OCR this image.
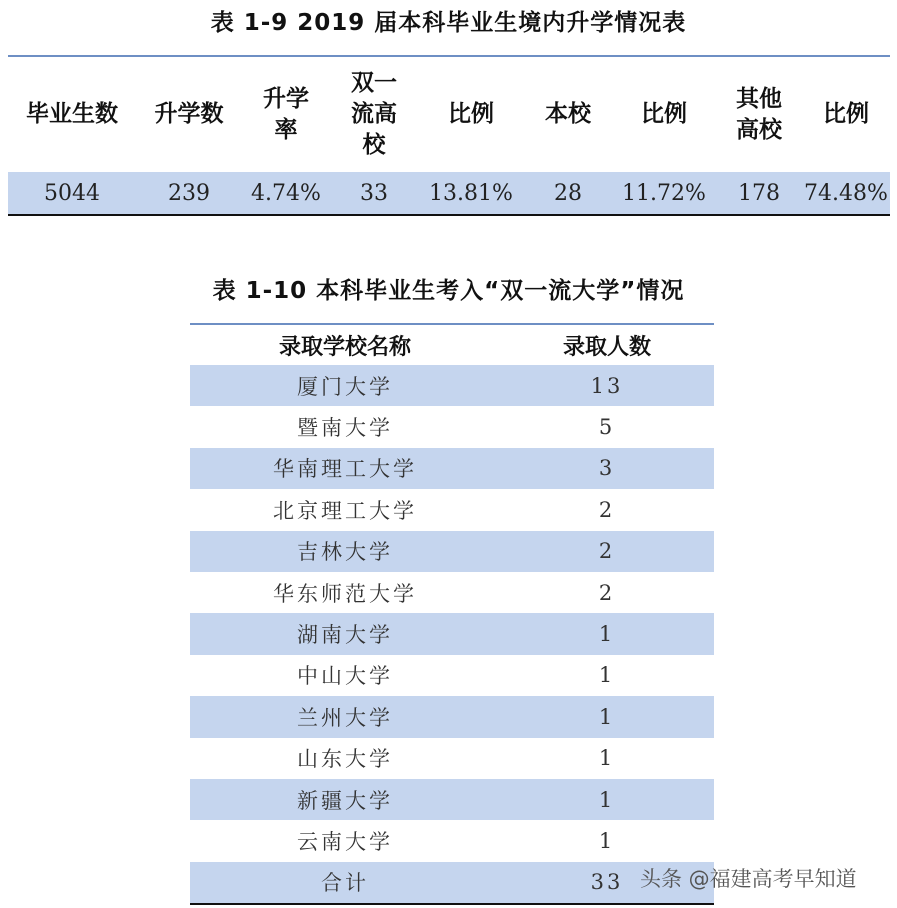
表 1-9 2019 届本科毕业生境内升学情况表
毕业生数	升学数	升学率	双一流高校	比例	本校	比例	其他高校	比例
5044	239	4.74%	33	13.81%	28	11.72%	178	74.48%
表 1-10 本科毕业生考入“双一流大学”情况
录取学校名称	录取人数
厦门大学	13
暨南大学	5
华南理工大学	3
北京理工大学	2
吉林大学	2
华东师范大学	2
湖南大学	1
中山大学	1
兰州大学	1
山东大学	1
新疆大学	1
云南大学	1
合计	33 头条 @福建高考早知道
